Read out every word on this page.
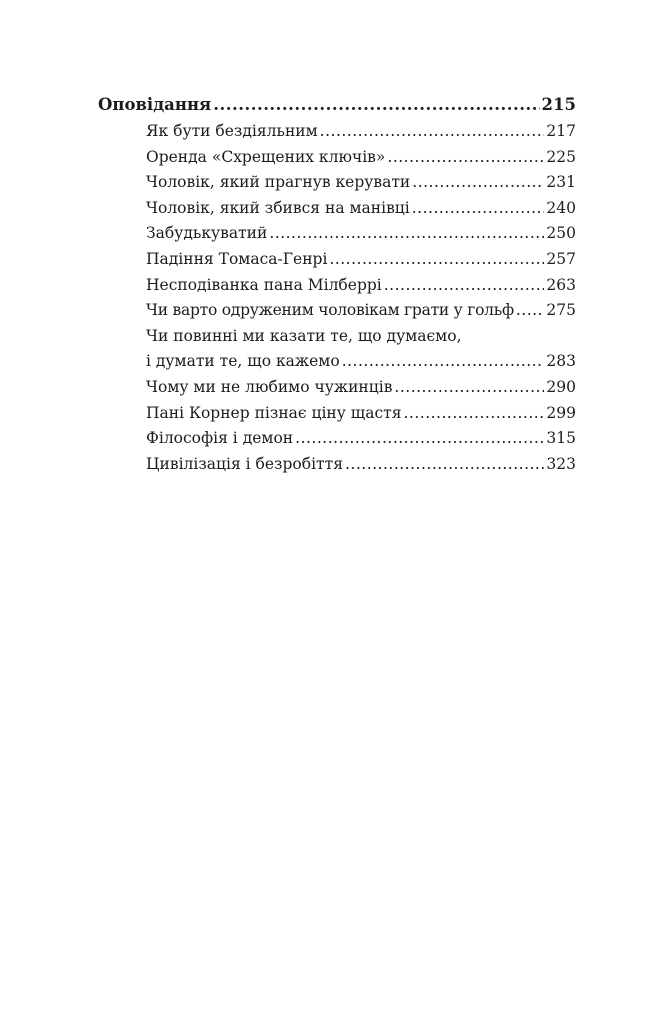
Оповідання .....	215
Як бути бездіяльним .....	217
Оренда «Схрещених ключів» .....	225
Чоловік, який прагнув керувати .....	231
Чоловік, який збився на манівці .....	240
Забудькуватий .....	250
Падіння Томаса-Генрі .....	257
Несподіванка пана Мілберрі .....	263
Чи варто одруженим чоловікам грати у гольф ..... 275
Чи повинні ми казати те, що думаємо,
і думати те, що кажемо .....	283
Чому ми не любимо чужинців .....	290
Пані Корнер пізнає ціну щастя .....	299
Філософія і демон .....	315
Цивілізація і безробіття .....	323
